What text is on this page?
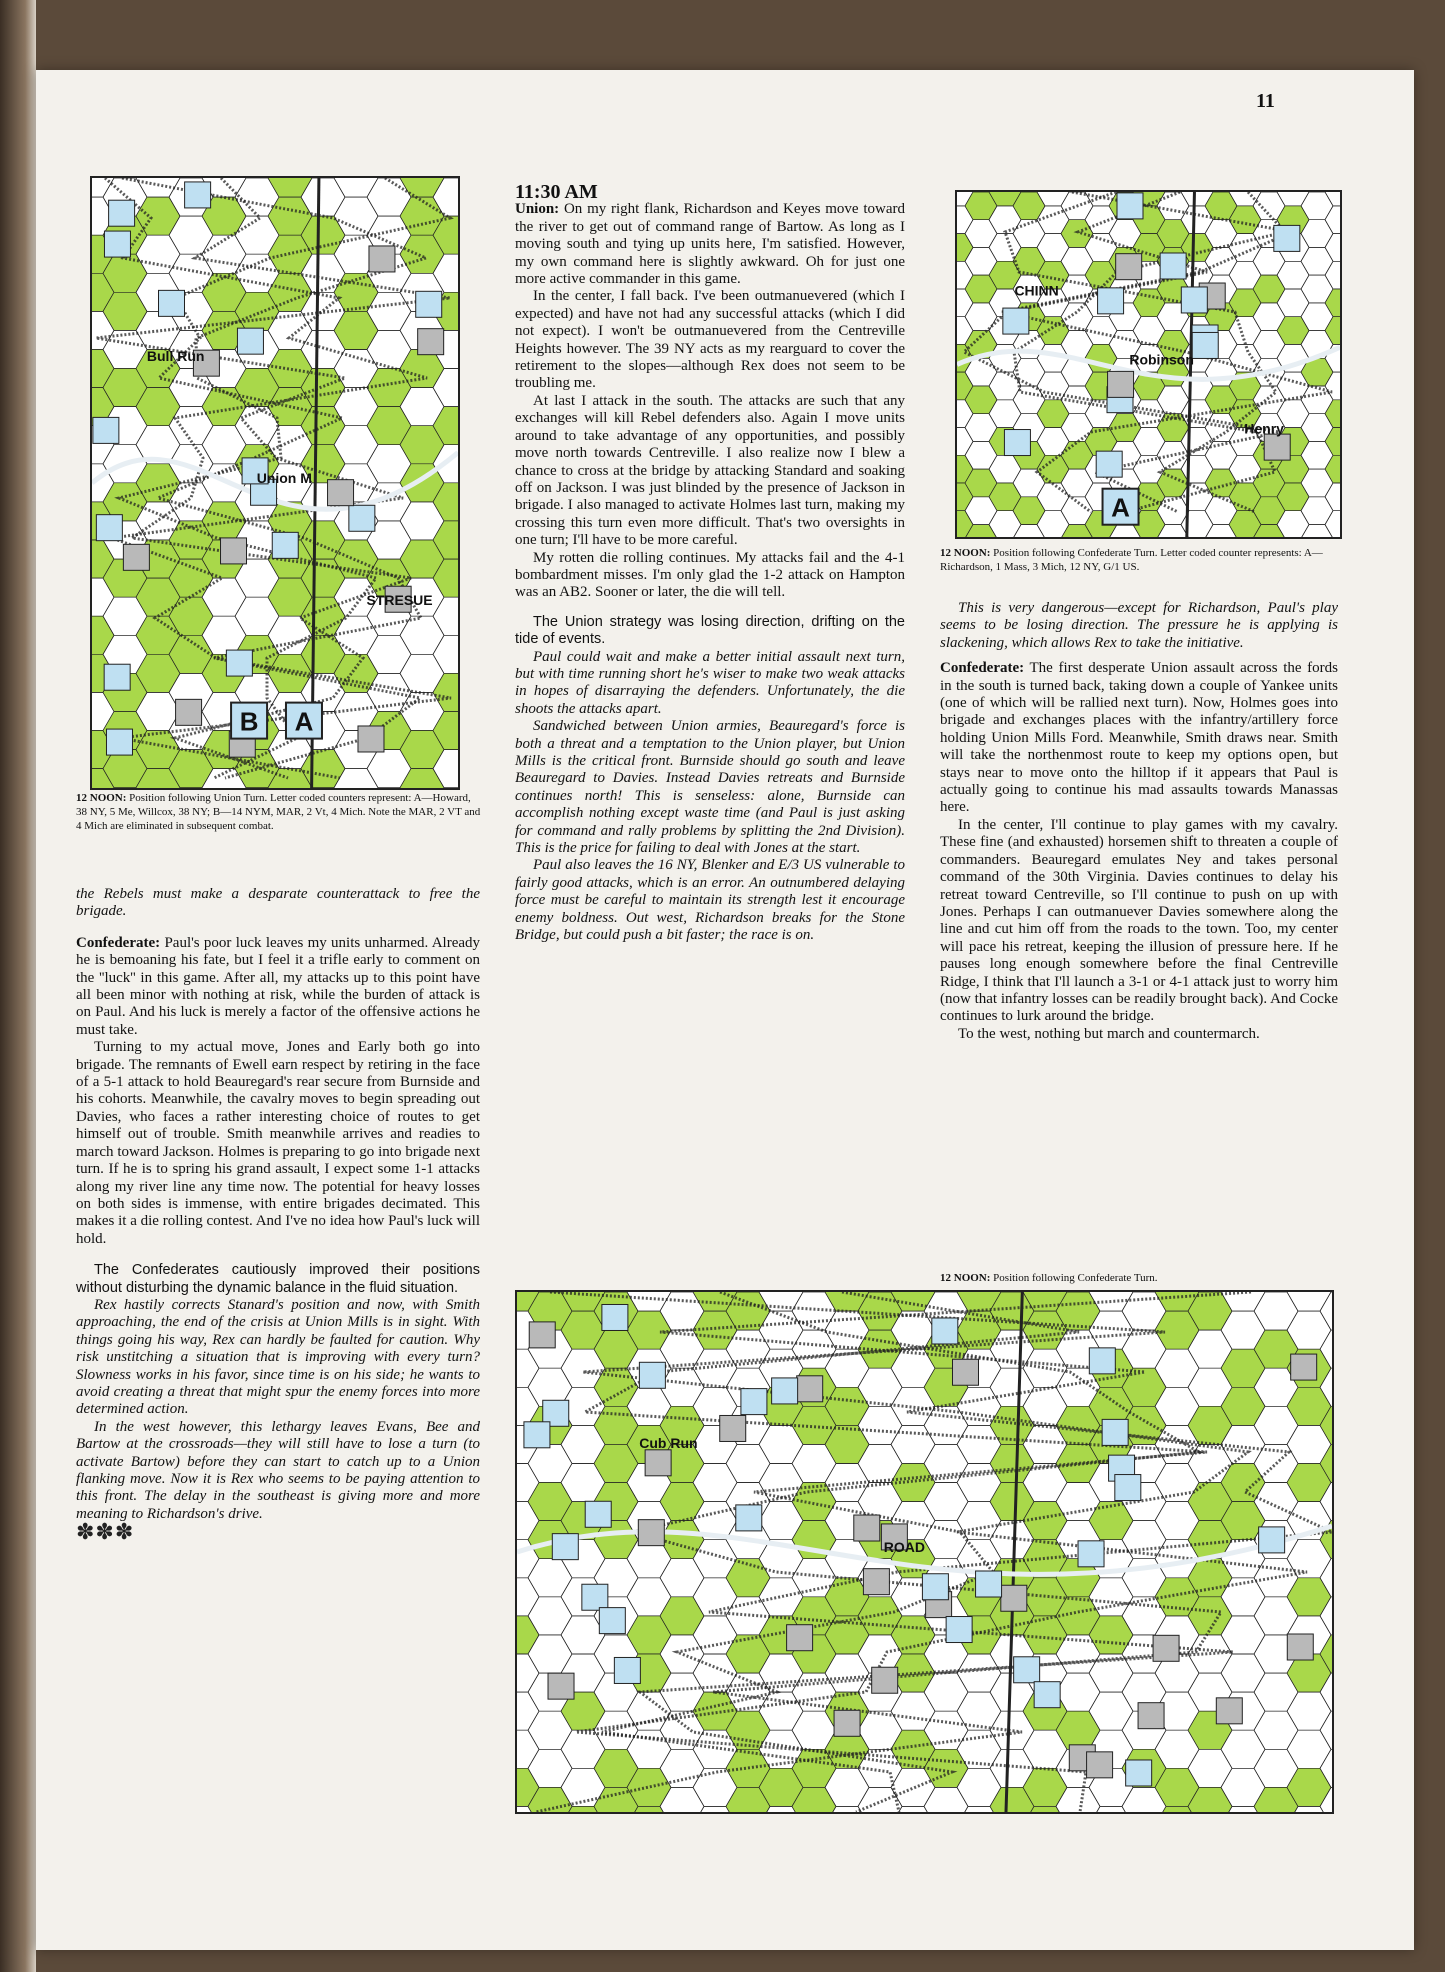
11
B A
Bull Run
Union M
STRESUE
12 NOON: Position following Union Turn. Letter coded counters represent: A—Howard, 38 NY, 5 Me, Willcox, 38 NY; B—14 NYM, MAR, 2 Vt, 4 Mich. Note the MAR, 2 VT and 4 Mich are eliminated in subsequent combat.
A
CHINN
Robinson
Henry
12 NOON: Position following Confederate Turn. Letter coded counter represents: A—Richardson, 1 Mass, 3 Mich, 12 NY, G/1 US.
Cub Run
ROAD
12 NOON: Position following Confederate Turn.

the Rebels must make a desparate counterattack to free the brigade.

Confederate: Paul's poor luck leaves my units unharmed. Already he is bemoaning his fate, but I feel it a trifle early to comment on the ''luck'' in this game. After all, my attacks up to this point have all been minor with nothing at risk, while the burden of attack is on Paul. And his luck is merely a factor of the offensive actions he must take.

Turning to my actual move, Jones and Early both go into brigade. The remnants of Ewell earn respect by retiring in the face of a 5-1 attack to hold Beauregard's rear secure from Burnside and his cohorts. Meanwhile, the cavalry moves to begin spreading out Davies, who faces a rather interesting choice of routes to get himself out of trouble. Smith meanwhile arrives and readies to march toward Jackson. Holmes is preparing to go into brigade next turn. If he is to spring his grand assault, I expect some 1-1 attacks along my river line any time now. The potential for heavy losses on both sides is immense, with entire brigades decimated. This makes it a die rolling contest. And I've no idea how Paul's luck will hold.

The Confederates cautiously improved their positions without disturbing the dynamic balance in the fluid situation.

Rex hastily corrects Stanard's position and now, with Smith approaching, the end of the crisis at Union Mills is in sight. With things going his way, Rex can hardly be faulted for caution. Why risk unstitching a situation that is improving with every turn? Slowness works in his favor, since time is on his side; he wants to avoid creating a threat that might spur the enemy forces into more determined action.

In the west however, this lethargy leaves Evans, Bee and Bartow at the crossroads—they will still have to lose a turn (to activate Bartow) before they can start to catch up to a Union flanking move. Now it is Rex who seems to be paying attention to this front. The delay in the southeast is giving more and more meaning to Richardson's drive.

✽✽✽

11:30 AM

Union: On my right flank, Richardson and Keyes move toward the river to get out of command range of Bartow. As long as I moving south and tying up units here, I'm satisfied. However, my own command here is slightly awkward. Oh for just one more active commander in this game.

In the center, I fall back. I've been outmanuevered (which I expected) and have not had any successful attacks (which I did not expect). I won't be outmanuevered from the Centreville Heights however. The 39 NY acts as my rearguard to cover the retirement to the slopes—although Rex does not seem to be troubling me.

At last I attack in the south. The attacks are such that any exchanges will kill Rebel defenders also. Again I move units around to take advantage of any opportunities, and possibly move north towards Centreville. I also realize now I blew a chance to cross at the bridge by attacking Standard and soaking off on Jackson. I was just blinded by the presence of Jackson in brigade. I also managed to activate Holmes last turn, making my crossing this turn even more difficult. That's two oversights in one turn; I'll have to be more careful.

My rotten die rolling continues. My attacks fail and the 4-1 bombardment misses. I'm only glad the 1-2 attack on Hampton was an AB2. Sooner or later, the die will tell.

The Union strategy was losing direction, drifting on the tide of events.

Paul could wait and make a better initial assault next turn, but with time running short he's wiser to make two weak attacks in hopes of disarraying the defenders. Unfortunately, the die shoots the attacks apart.

Sandwiched between Union armies, Beauregard's force is both a threat and a temptation to the Union player, but Union Mills is the critical front. Burnside should go south and leave Beauregard to Davies. Instead Davies retreats and Burnside continues north! This is senseless: alone, Burnside can accomplish nothing except waste time (and Paul is just asking for command and rally problems by splitting the 2nd Division). This is the price for failing to deal with Jones at the start.

Paul also leaves the 16 NY, Blenker and E/3 US vulnerable to fairly good attacks, which is an error. An outnumbered delaying force must be careful to maintain its strength lest it encourage enemy boldness. Out west, Richardson breaks for the Stone Bridge, but could push a bit faster; the race is on.

This is very dangerous—except for Richardson, Paul's play seems to be losing direction. The pressure he is applying is slackening, which allows Rex to take the initiative.

Confederate: The first desperate Union assault across the fords in the south is turned back, taking down a couple of Yankee units (one of which will be rallied next turn). Now, Holmes goes into brigade and exchanges places with the infantry/artillery force holding Union Mills Ford. Meanwhile, Smith draws near. Smith will take the northenmost route to keep my options open, but stays near to move onto the hilltop if it appears that Paul is actually going to continue his mad assaults towards Manassas here.

In the center, I'll continue to play games with my cavalry. These fine (and exhausted) horsemen shift to threaten a couple of commanders. Beauregard emulates Ney and takes personal command of the 30th Virginia. Davies continues to delay his retreat toward Centreville, so I'll continue to push on up with Jones. Perhaps I can outmanuever Davies somewhere along the line and cut him off from the roads to the town. Too, my center will pace his retreat, keeping the illusion of pressure here. If he pauses long enough somewhere before the final Centreville Ridge, I think that I'll launch a 3-1 or 4-1 attack just to worry him (now that infantry losses can be readily brought back). And Cocke continues to lurk around the bridge.

To the west, nothing but march and countermarch.
